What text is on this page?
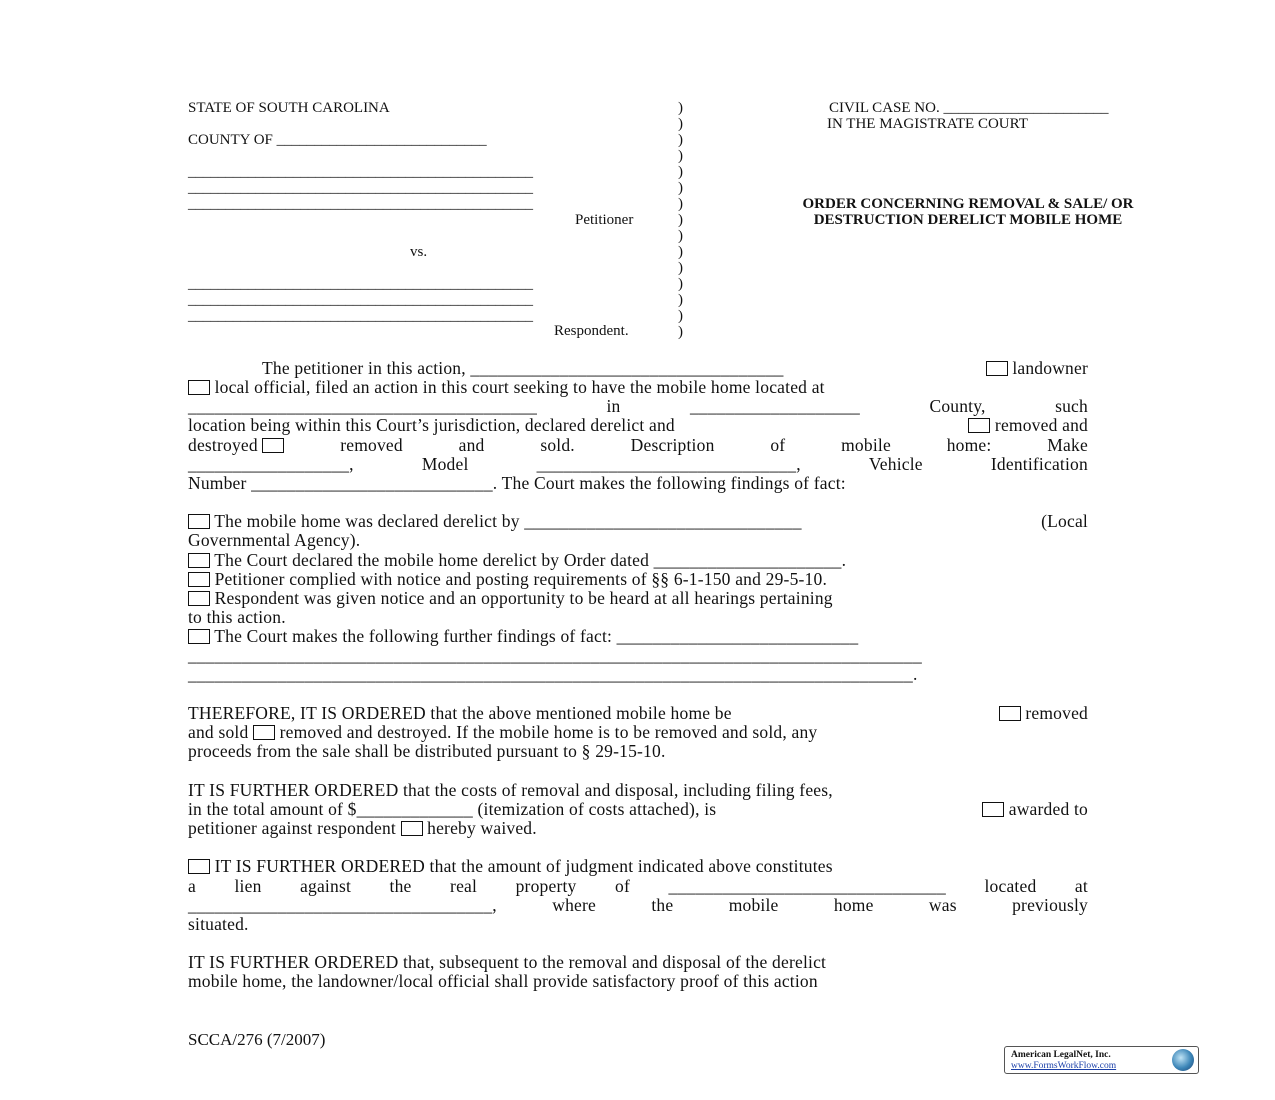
STATE OF SOUTH CAROLINA
COUNTY OF ____________________________
______________________________________________
______________________________________________
______________________________________________
Petitioner
vs.
______________________________________________
______________________________________________
______________________________________________
Respondent.
)
)
)
)
)
)
)
)
)
)
)
)
)
)
)
CIVIL CASE NO. ______________________
IN THE MAGISTRATE COURT
ORDER CONCERNING REMOVAL & SALE/ OR
DESTRUCTION DERELICT MOBILE HOME
The petitioner in this action, ___________________________________	landowner
local official, filed an action in this court seeking to have the mobile home located at
_______________________________________	in	___________________	County,	such
location being within this Court’s jurisdiction, declared derelict and	removed and
destroyed	removed	and	sold.	Description	of	mobile	home:	Make
__________________,	Model	_____________________________,	Vehicle	Identification
Number ___________________________. The Court makes the following findings of fact:
The mobile home was declared derelict by _______________________________	(Local
Governmental Agency).
The Court declared the mobile home derelict by Order dated _____________________.
Petitioner complied with notice and posting requirements of §§ 6-1-150 and 29-5-10.
Respondent was given notice and an opportunity to be heard at all hearings pertaining
to this action.
The Court makes the following further findings of fact: ___________________________
__________________________________________________________________________________
_________________________________________________________________________________.
THEREFORE, IT IS ORDERED that the above mentioned mobile home be	removed
and sold removed and destroyed. If the mobile home is to be removed and sold, any
proceeds from the sale shall be distributed pursuant to § 29-15-10.
IT IS FURTHER ORDERED that the costs of removal and disposal, including filing fees,
in the total amount of $_____________ (itemization of costs attached), is	awarded to
petitioner against respondent hereby waived.
IT IS FURTHER ORDERED that the amount of judgment indicated above constitutes
a lien against the real property of _______________________________ located at
__________________________________,	where	the	mobile	home	was	previously
situated.
IT IS FURTHER ORDERED that, subsequent to the removal and disposal of the derelict
mobile home, the landowner/local official shall provide satisfactory proof of this action
SCCA/276 (7/2007)
American LegalNet, Inc.
www.FormsWorkFlow.com
